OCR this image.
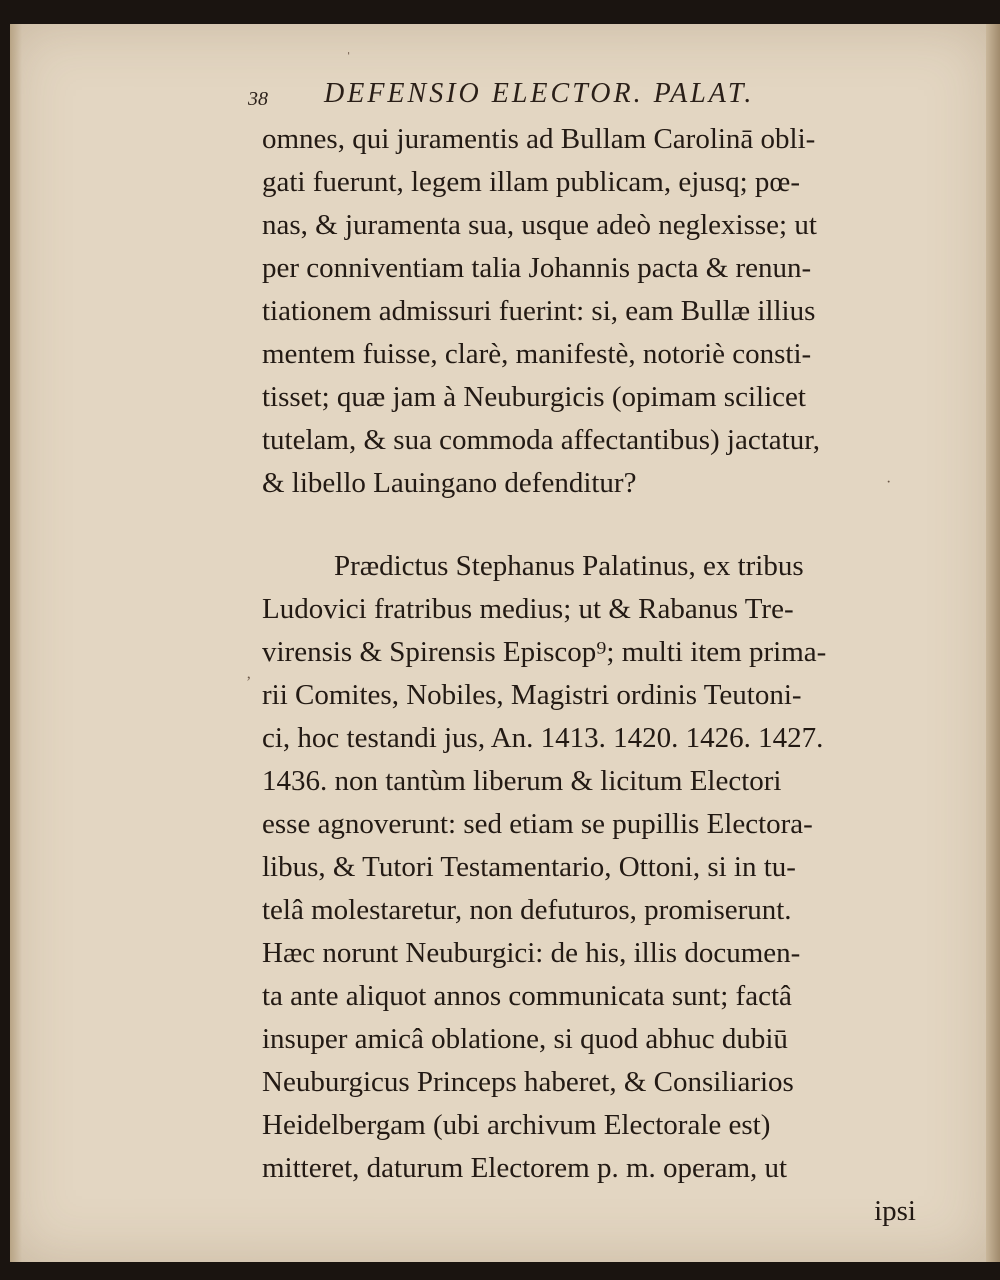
ˈ
·
’
38 DEFENSIO ELECTOR. PALAT.
omnes, qui juramentis ad Bullam Carolinā obli-
gati fuerunt, legem illam publicam, ejusq; pœ-
nas, & juramenta sua, usque adeò neglexisse; ut
per conniventiam talia Johannis pacta & renun-
tiationem admissuri fuerint: si, eam Bullæ illius
mentem fuisse, clarè, manifestè, notoriè consti-
tisset; quæ jam à Neuburgicis (opimam scilicet
tutelam, & sua commoda affectantibus) jactatur,
& libello Lauingano defenditur?
Prædictus Stephanus Palatinus, ex tribus
Ludovici fratribus medius; ut & Rabanus Tre-
virensis & Spirensis Episcop⁹; multi item prima-
rii Comites, Nobiles, Magistri ordinis Teutoni-
ci, hoc testandi jus, An. 1413. 1420. 1426. 1427.
1436. non tantùm liberum & licitum Electori
esse agnoverunt: sed etiam se pupillis Electora-
libus, & Tutori Testamentario, Ottoni, si in tu-
telâ molestaretur, non defuturos, promiserunt.
Hæc norunt Neuburgici: de his, illis documen-
ta ante aliquot annos communicata sunt; factâ
insuper amicâ oblatione, si quod abhuc dubiū
Neuburgicus Princeps haberet, & Consiliarios
Heidelbergam (ubi archivum Electorale est)
mitteret, daturum Electorem p. m. operam, ut
ipsi
